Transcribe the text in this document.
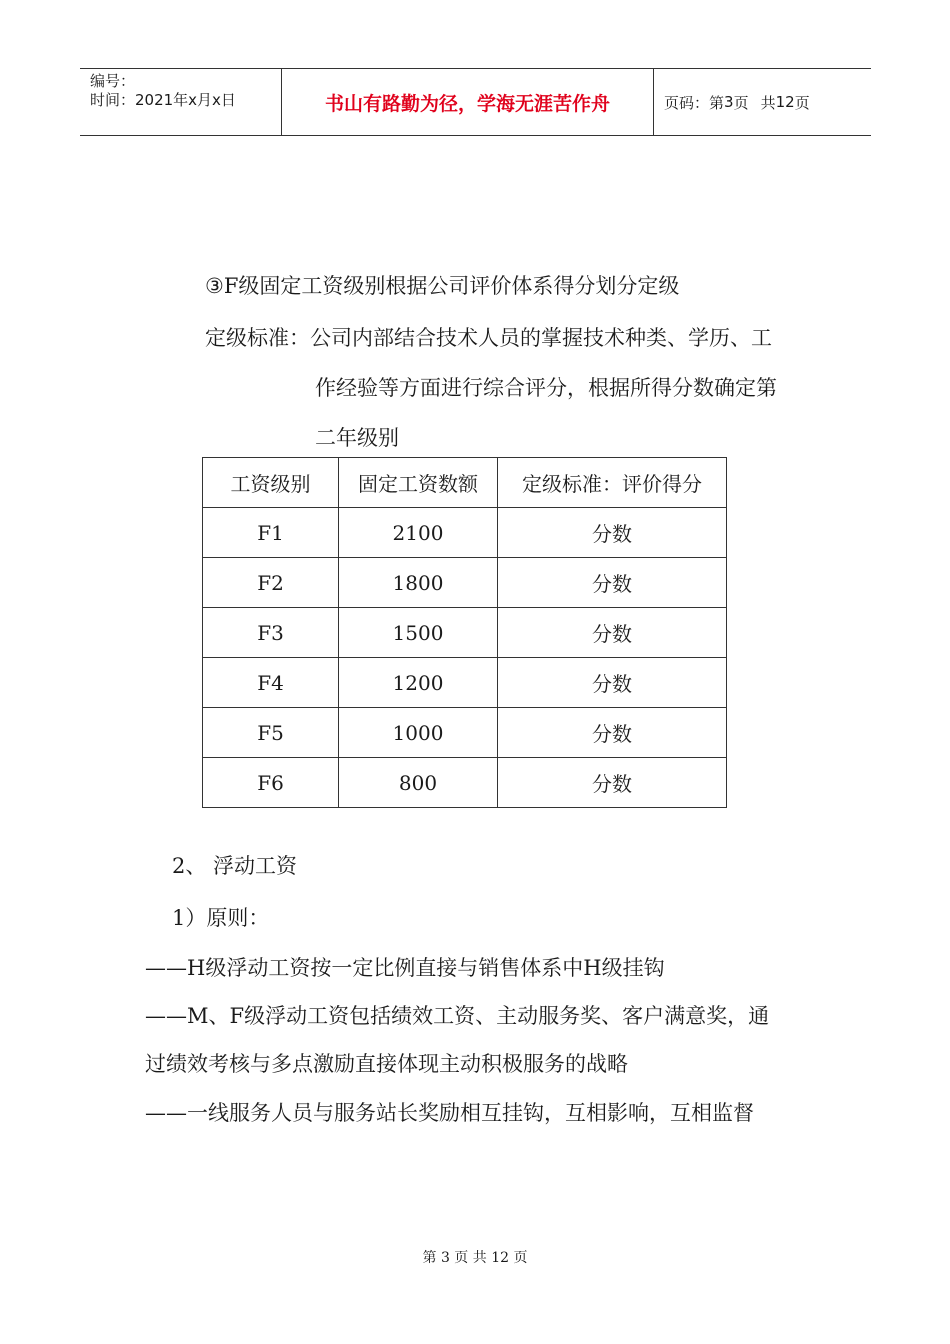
编号：
时间：2021年x月x日	书山有路勤为径，学海无涯苦作舟	页码：第 3 页 共 12 页
③F级固定工资级别根据公司评价体系得分划分定级
定级标准：公司内部结合技术人员的掌握技术种类、学历、工
作经验等方面进行综合评分，根据所得分数确定第
二年级别
工资级别	固定工资数额	定级标准：评价得分
F1	2100	分数
F2	1800	分数
F3	1500	分数
F4	1200	分数
F5	1000	分数
F6	800	分数
2、 浮动工资
1）原则：
——H级浮动工资按一定比例直接与销售体系中H级挂钩
——M、F级浮动工资包括绩效工资、主动服务奖、客户满意奖，通
过绩效考核与多点激励直接体现主动积极服务的战略
——一线服务人员与服务站长奖励相互挂钩，互相影响，互相监督
第 3 页 共 12 页
